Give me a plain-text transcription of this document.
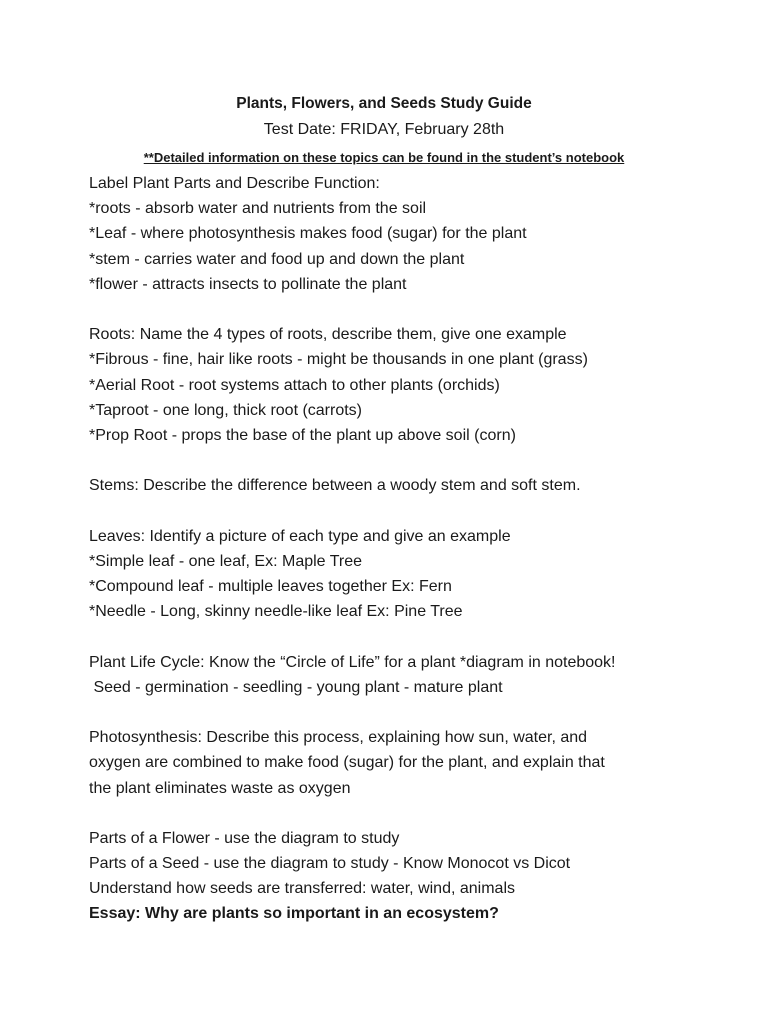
Plants, Flowers, and Seeds Study Guide
Test Date: FRIDAY, February 28th
**Detailed information on these topics can be found in the student’s notebook
Label Plant Parts and Describe Function:
*roots - absorb water and nutrients from the soil
*Leaf - where photosynthesis makes food (sugar) for the plant
*stem - carries water and food up and down the plant
*flower - attracts insects to pollinate the plant
Roots: Name the 4 types of roots, describe them, give one example
*Fibrous - fine, hair like roots - might be thousands in one plant (grass)
*Aerial Root - root systems attach to other plants (orchids)
*Taproot - one long, thick root (carrots)
*Prop Root - props the base of the plant up above soil (corn)
Stems: Describe the difference between a woody stem and soft stem.
Leaves: Identify a picture of each type and give an example
*Simple leaf - one leaf, Ex: Maple Tree
*Compound leaf - multiple leaves together Ex: Fern
*Needle - Long, skinny needle-like leaf Ex: Pine Tree
Plant Life Cycle: Know the “Circle of Life” for a plant *diagram in notebook!
Seed - germination - seedling - young plant - mature plant
Photosynthesis: Describe this process, explaining how sun, water, and
oxygen are combined to make food (sugar) for the plant, and explain that
the plant eliminates waste as oxygen
Parts of a Flower - use the diagram to study
Parts of a Seed - use the diagram to study - Know Monocot vs Dicot
Understand how seeds are transferred: water, wind, animals
Essay: Why are plants so important in an ecosystem?
